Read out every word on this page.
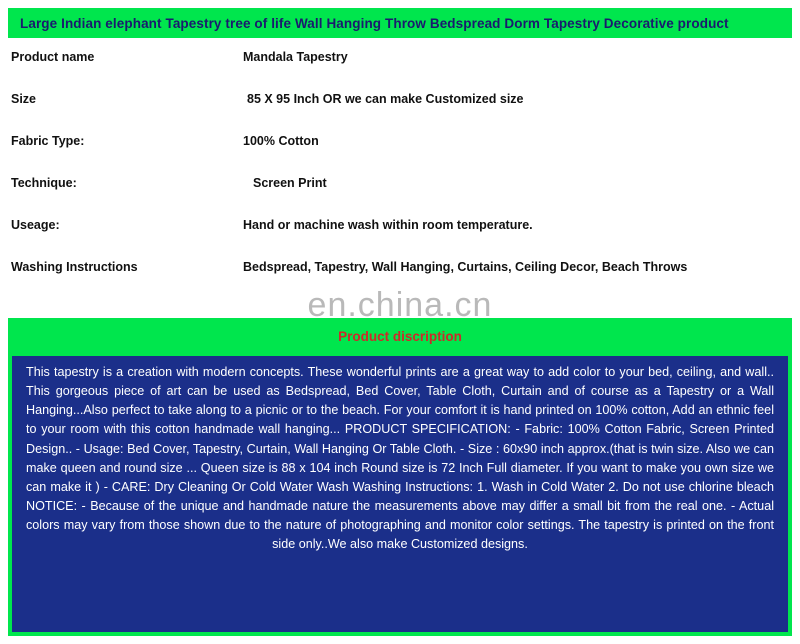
Large Indian elephant Tapestry tree of life Wall Hanging Throw Bedspread Dorm Tapestry Decorative product
Product name	Mandala Tapestry
Size	85 X 95 Inch OR we can make Customized size
Fabric Type:	100% Cotton
Technique:	Screen Print
Useage:	Hand or machine wash within room temperature.
Washing Instructions	Bedspread, Tapestry, Wall Hanging, Curtains, Ceiling Decor, Beach Throws
en.china.cn
Product discription

This tapestry is a creation with modern concepts. These wonderful prints are a great way to add color to your bed, ceiling, and wall.. This gorgeous piece of art can be used as Bedspread, Bed Cover, Table Cloth, Curtain and of course as a Tapestry or a Wall Hanging...Also perfect to take along to a picnic or to the beach. For your comfort it is hand printed on 100% cotton, Add an ethnic feel to your room with this cotton handmade wall hanging... PRODUCT SPECIFICATION: - Fabric: 100% Cotton Fabric, Screen Printed Design.. - Usage: Bed Cover, Tapestry, Curtain, Wall Hanging Or Table Cloth. - Size : 60x90 inch approx.(that is twin size. Also we can make queen and round size ... Queen size is 88 x 104 inch Round size is 72 Inch Full diameter. If you want to make you own size we can make it ) - CARE: Dry Cleaning Or Cold Water Wash Washing Instructions: 1. Wash in Cold Water 2. Do not use chlorine bleach NOTICE: - Because of the unique and handmade nature the measurements above may differ a small bit from the real one. - Actual colors may vary from those shown due to the nature of photographing and monitor color settings. The tapestry is printed on the front side only..We also make Customized designs.
